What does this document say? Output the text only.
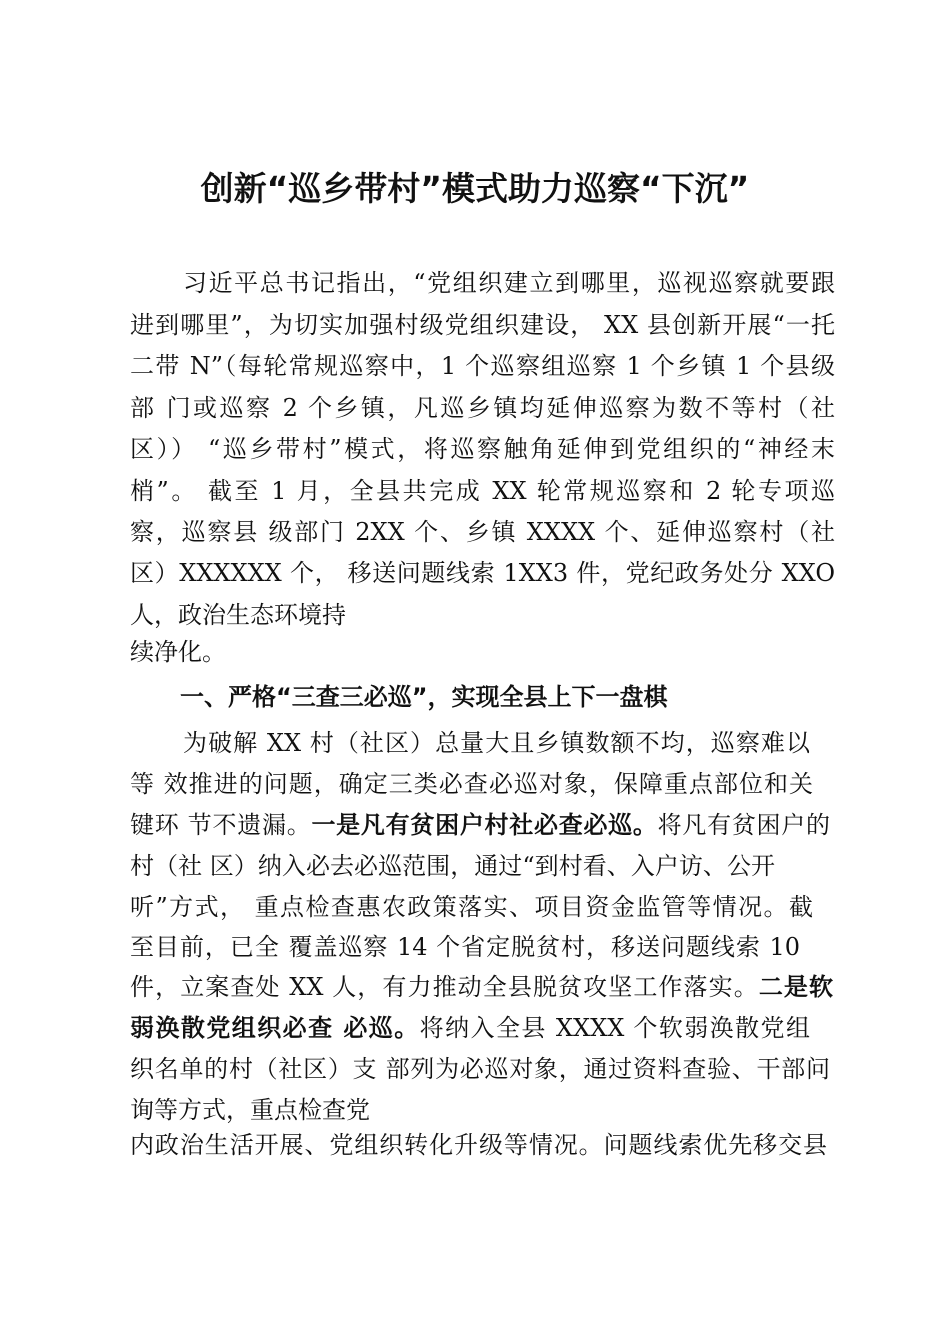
创新“巡乡带村”模式助力巡察“下沉”
习近平总书记指出，“党组织建立到哪里，巡视巡察就要跟
进到哪里”，为切实加强村级党组织建设， XX 县创新开展“一托
二带 N”（每轮常规巡察中，1 个巡察组巡察 1 个乡镇 1 个县级
部 门或巡察 2 个乡镇，凡巡乡镇均延伸巡察为数不等村（社
区）） “巡乡带村”模式，将巡察触角延伸到党组织的“神经末
梢”。 截至 1 月，全县共完成 XX 轮常规巡察和 2 轮专项巡
察，巡察县 级部门 2XX 个、乡镇 XXXX 个、延伸巡察村（社
区）XXXXXX 个， 移送问题线索 1XX3 件，党纪政务处分 XXO
人，政治生态环境持
续净化。
一、严格“三查三必巡”，实现全县上下一盘棋
为破解 XX 村（社区）总量大且乡镇数额不均，巡察难以
等 效推进的问题，确定三类必查必巡对象，保障重点部位和关
键环 节不遗漏。一是凡有贫困户村社必查必巡。将凡有贫困户的
村（社 区）纳入必去必巡范围，通过“到村看、入户访、公开
听”方式， 重点检查惠农政策落实、项目资金监管等情况。截
至目前，已全 覆盖巡察 14 个省定脱贫村，移送问题线索 10
件，立案查处 XX 人，有力推动全县脱贫攻坚工作落实。二是软
弱涣散党组织必查 必巡。将纳入全县 XXXX 个软弱涣散党组
织名单的村（社区）支 部列为必巡对象，通过资料查验、干部问
询等方式，重点检查党
内政治生活开展、党组织转化升级等情况。问题线索优先移交县
